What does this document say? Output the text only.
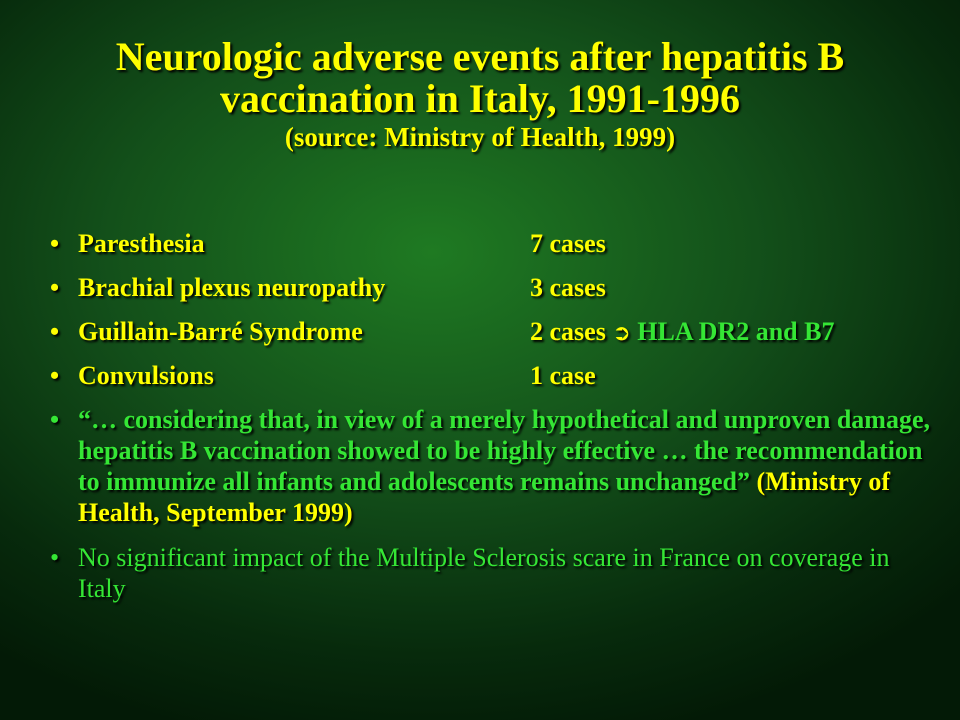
Neurologic adverse events after hepatitis B
vaccination in Italy, 1991-1996
(source: Ministry of Health, 1999)
• Paresthesia	7 cases
• Brachial plexus neuropathy	3 cases
• Guillain-Barré Syndrome	2 cases ➲ HLA DR2 and B7
• Convulsions	1 case
• “… considering that, in view of a merely hypothetical and unproven damage, hepatitis B vaccination showed to be highly effective … the recommendation to immunize all infants and adolescents remains unchanged” (Ministry of Health, September 1999)
• No significant impact of the Multiple Sclerosis scare in France on coverage in Italy
